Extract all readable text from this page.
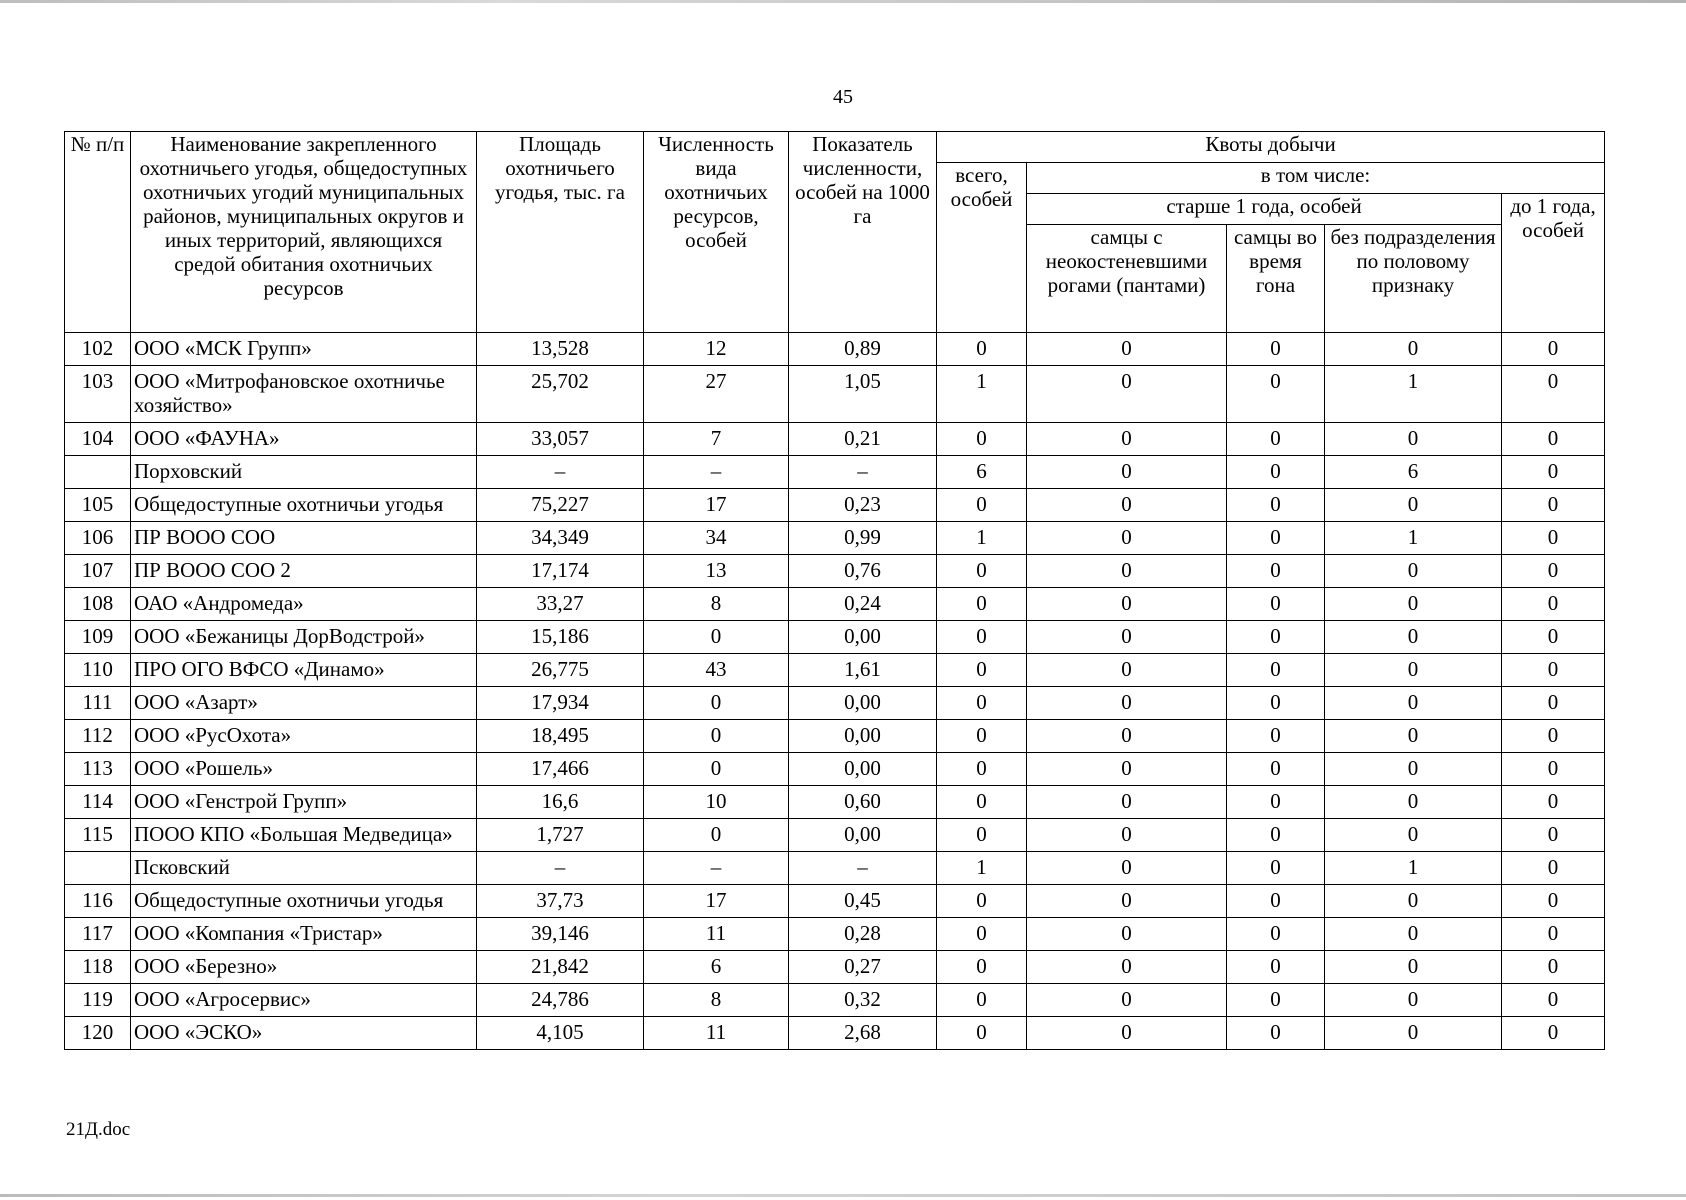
45
№ п/п	Наименование закрепленного охотничьего угодья, общедоступных охотничьих угодий муниципальных районов, муниципальных округов и иных территорий, являющихся средой обитания охотничьих ресурсов	Площадь охотничьего угодья, тыс. га	Численность вида охотничьих ресурсов, особей	Показатель численности, особей на 1000 га	Квоты добычи				
					всего, особей	в том числе:			
						старше 1 года, особей			до 1 года, особей
						самцы с неокостеневшими рогами (пантами)	самцы во время гона	без подразделения по половому признаку	
102	ООО «МСК Групп»	13,528	12	0,89	0	0	0	0	0
103	ООО «Митрофановское охотничье хозяйство»	25,702	27	1,05	1	0	0	1	0
104	ООО «ФАУНА»	33,057	7	0,21	0	0	0	0	0
	Порховский	–	–	–	6	0	0	6	0
105	Общедоступные охотничьи угодья	75,227	17	0,23	0	0	0	0	0
106	ПР ВООО СОО	34,349	34	0,99	1	0	0	1	0
107	ПР ВООО СОО 2	17,174	13	0,76	0	0	0	0	0
108	ОАО «Андромеда»	33,27	8	0,24	0	0	0	0	0
109	ООО «Бежаницы ДорВодстрой»	15,186	0	0,00	0	0	0	0	0
110	ПРО ОГО ВФСО «Динамо»	26,775	43	1,61	0	0	0	0	0
111	ООО «Азарт»	17,934	0	0,00	0	0	0	0	0
112	ООО «РусОхота»	18,495	0	0,00	0	0	0	0	0
113	ООО «Рошель»	17,466	0	0,00	0	0	0	0	0
114	ООО «Генстрой Групп»	16,6	10	0,60	0	0	0	0	0
115	ПООО КПО «Большая Медведица»	1,727	0	0,00	0	0	0	0	0
	Псковский	–	–	–	1	0	0	1	0
116	Общедоступные охотничьи угодья	37,73	17	0,45	0	0	0	0	0
117	ООО «Компания «Тристар»	39,146	11	0,28	0	0	0	0	0
118	ООО «Березно»	21,842	6	0,27	0	0	0	0	0
119	ООО «Агросервис»	24,786	8	0,32	0	0	0	0	0
120	ООО «ЭСКО»	4,105	11	2,68	0	0	0	0	0
21Д.doc
